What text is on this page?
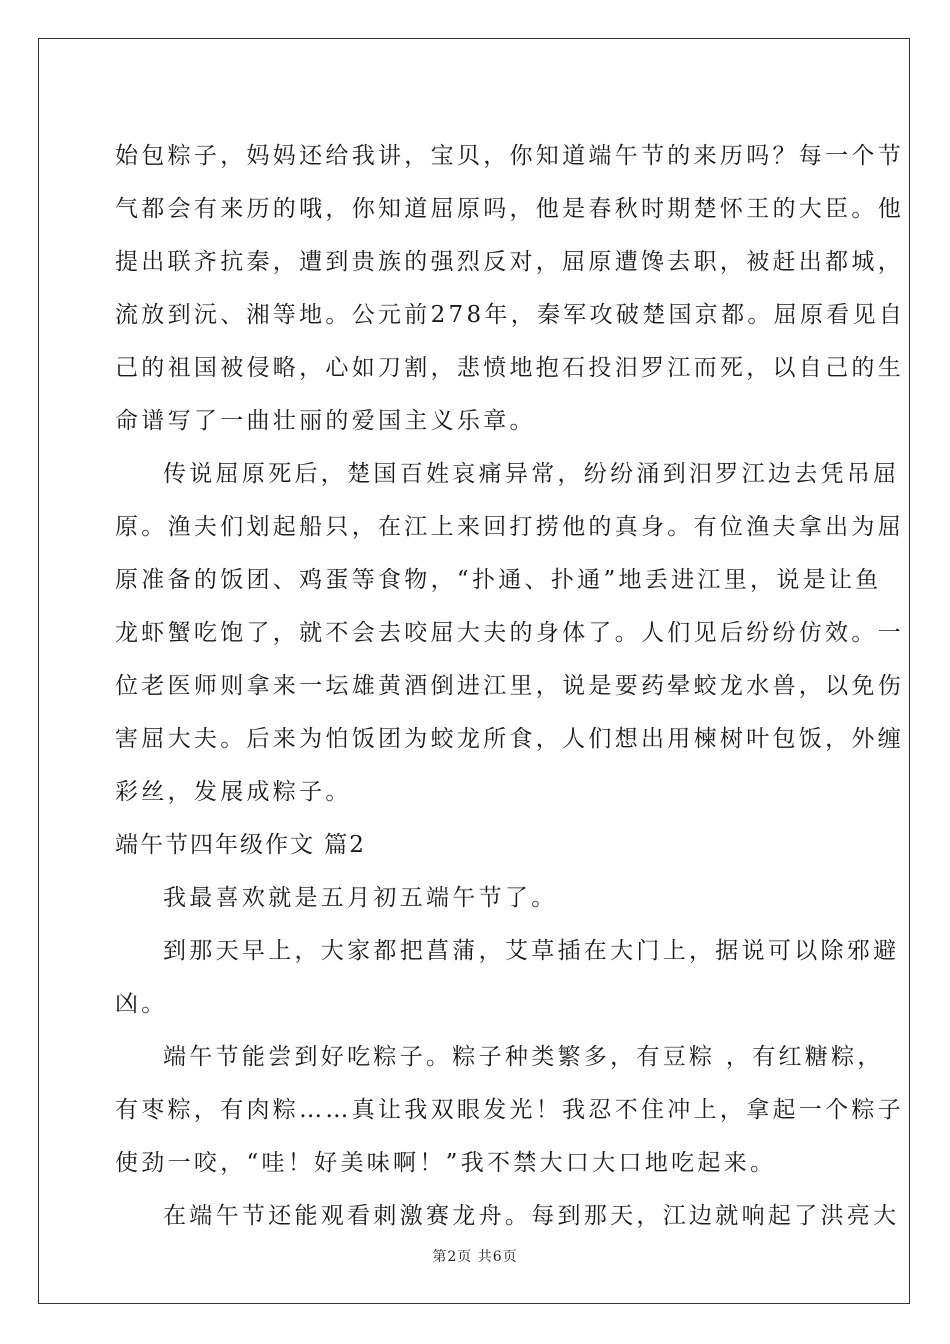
始包粽子，妈妈还给我讲，宝贝，你知道端午节的来历吗？每一个节
气都会有来历的哦，你知道屈原吗，他是春秋时期楚怀王的大臣。他
提出联齐抗秦，遭到贵族的强烈反对，屈原遭馋去职，被赶出都城，
流放到沅、湘等地。公元前278年，秦军攻破楚国京都。屈原看见自
己的祖国被侵略，心如刀割，悲愤地抱石投汨罗江而死，以自己的生
命谱写了一曲壮丽的爱国主义乐章。
传说屈原死后，楚国百姓哀痛异常，纷纷涌到汨罗江边去凭吊屈
原。渔夫们划起船只，在江上来回打捞他的真身。有位渔夫拿出为屈
原准备的饭团、鸡蛋等食物，“扑通、扑通”地丢进江里，说是让鱼
龙虾蟹吃饱了，就不会去咬屈大夫的身体了。人们见后纷纷仿效。一
位老医师则拿来一坛雄黄酒倒进江里，说是要药晕蛟龙水兽，以免伤
害屈大夫。后来为怕饭团为蛟龙所食，人们想出用楝树叶包饭，外缠
彩丝，发展成粽子。
端午节四年级作文 篇2
我最喜欢就是五月初五端午节了。
到那天早上，大家都把菖蒲，艾草插在大门上，据说可以除邪避
凶。
端午节能尝到好吃粽子。粽子种类繁多，有豆粽 ，有红糖粽，
有枣粽，有肉粽……真让我双眼发光！我忍不住冲上，拿起一个粽子
使劲一咬，“哇！好美味啊！”我不禁大口大口地吃起来。
在端午节还能观看刺激赛龙舟。每到那天，江边就响起了洪亮大
第2页 共6页
